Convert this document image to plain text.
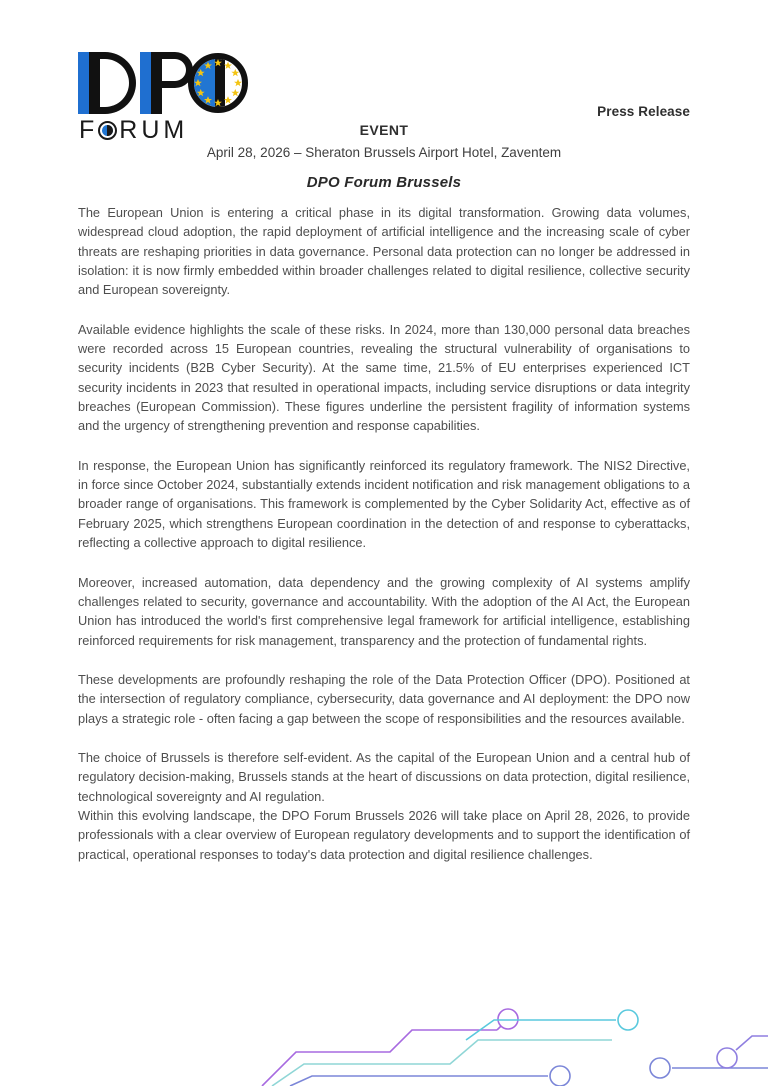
F RUM
Press Release
EVENT
April 28, 2026 – Sheraton Brussels Airport Hotel, Zaventem
DPO Forum Brussels

The European Union is entering a critical phase in its digital transformation. Growing data volumes, widespread cloud adoption, the rapid deployment of artificial intelligence and the increasing scale of cyber threats are reshaping priorities in data governance. Personal data protection can no longer be addressed in isolation: it is now firmly embedded within broader challenges related to digital resilience, collective security and European sovereignty.

Available evidence highlights the scale of these risks. In 2024, more than 130,000 personal data breaches were recorded across 15 European countries, revealing the structural vulnerability of organisations to security incidents (B2B Cyber Security). At the same time, 21.5% of EU enterprises experienced ICT security incidents in 2023 that resulted in operational impacts, including service disruptions or data integrity breaches (European Commission). These figures underline the persistent fragility of information systems and the urgency of strengthening prevention and response capabilities.

In response, the European Union has significantly reinforced its regulatory framework. The NIS2 Directive, in force since October 2024, substantially extends incident notification and risk management obligations to a broader range of organisations. This framework is complemented by the Cyber Solidarity Act, effective as of February 2025, which strengthens European coordination in the detection of and response to cyberattacks, reflecting a collective approach to digital resilience.

Moreover, increased automation, data dependency and the growing complexity of AI systems amplify challenges related to security, governance and accountability. With the adoption of the AI Act, the European Union has introduced the world's first comprehensive legal framework for artificial intelligence, establishing reinforced requirements for risk management, transparency and the protection of fundamental rights.

These developments are profoundly reshaping the role of the Data Protection Officer (DPO). Positioned at the intersection of regulatory compliance, cybersecurity, data governance and AI deployment: the DPO now plays a strategic role - often facing a gap between the scope of responsibilities and the resources available.

The choice of Brussels is therefore self-evident. As the capital of the European Union and a central hub of regulatory decision-making, Brussels stands at the heart of discussions on data protection, digital resilience, technological sovereignty and AI regulation.

Within this evolving landscape, the DPO Forum Brussels 2026 will take place on April 28, 2026, to provide professionals with a clear overview of European regulatory developments and to support the identification of practical, operational responses to today's data protection and digital resilience challenges.
